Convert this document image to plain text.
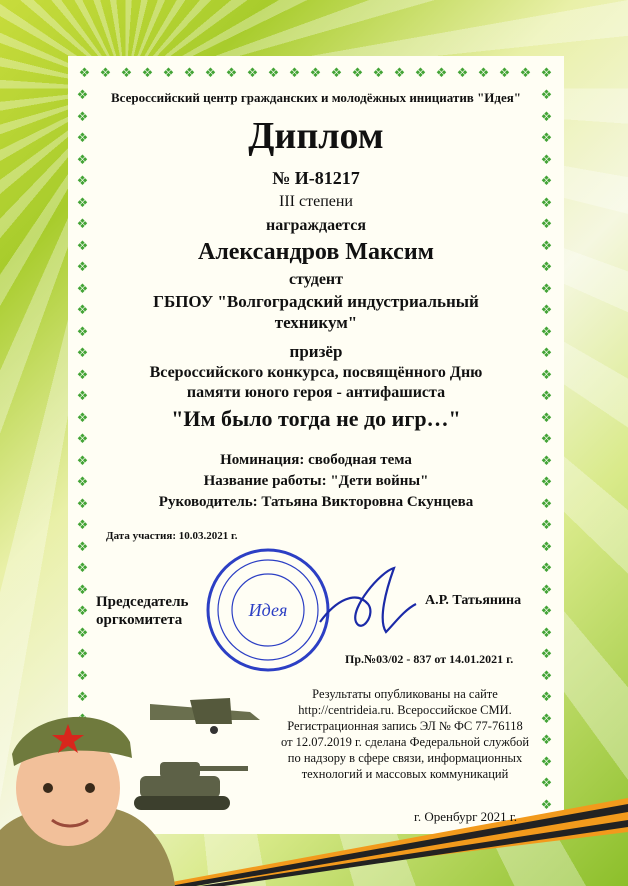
❖ ❖ ❖ ❖ ❖ ❖ ❖ ❖ ❖ ❖ ❖ ❖ ❖ ❖ ❖ ❖ ❖ ❖ ❖ ❖ ❖ ❖ ❖
❖	❖
❖	❖
❖	❖
❖	❖
❖	❖
❖	❖
❖	❖
❖	❖
❖	❖
❖	❖
❖	❖
❖	❖
❖	❖
❖	❖
❖	❖
❖	❖
❖	❖
❖	❖
❖	❖
❖	❖
❖	❖
❖	❖
❖	❖
❖	❖
❖	❖
❖	❖
❖	❖
❖	❖
❖	❖
❖
❖
❖
❖
❖
Всероссийский центр гражданских и молодёжных инициатив "Идея"
Диплом
№ И-81217
III степени
награждается
Александров Максим
студент
ГБПОУ "Волгоградский индустриальный
техникум"
призёр
Всероссийского конкурса, посвящённого Дню
памяти юного героя - антифашиста
"Им было тогда не до игр…"
Номинация: свободная тема
Название работы: "Дети войны"
Руководитель: Татьяна Викторовна Скунцева
Дата участия: 10.03.2021 г.
Председатель
оргкомитета	Идея	А.Р. Татьянина
Пр.№03/02 - 837 от 14.01.2021 г.
Результаты опубликованы на сайте
http://centrideia.ru. Всероссийское СМИ.
Регистрационная запись ЭЛ № ФС 77-76118
от 12.07.2019 г. сделана Федеральной службой
по надзору в сфере связи, информационных
технологий и массовых коммуникаций
г. Оренбург 2021 г.
